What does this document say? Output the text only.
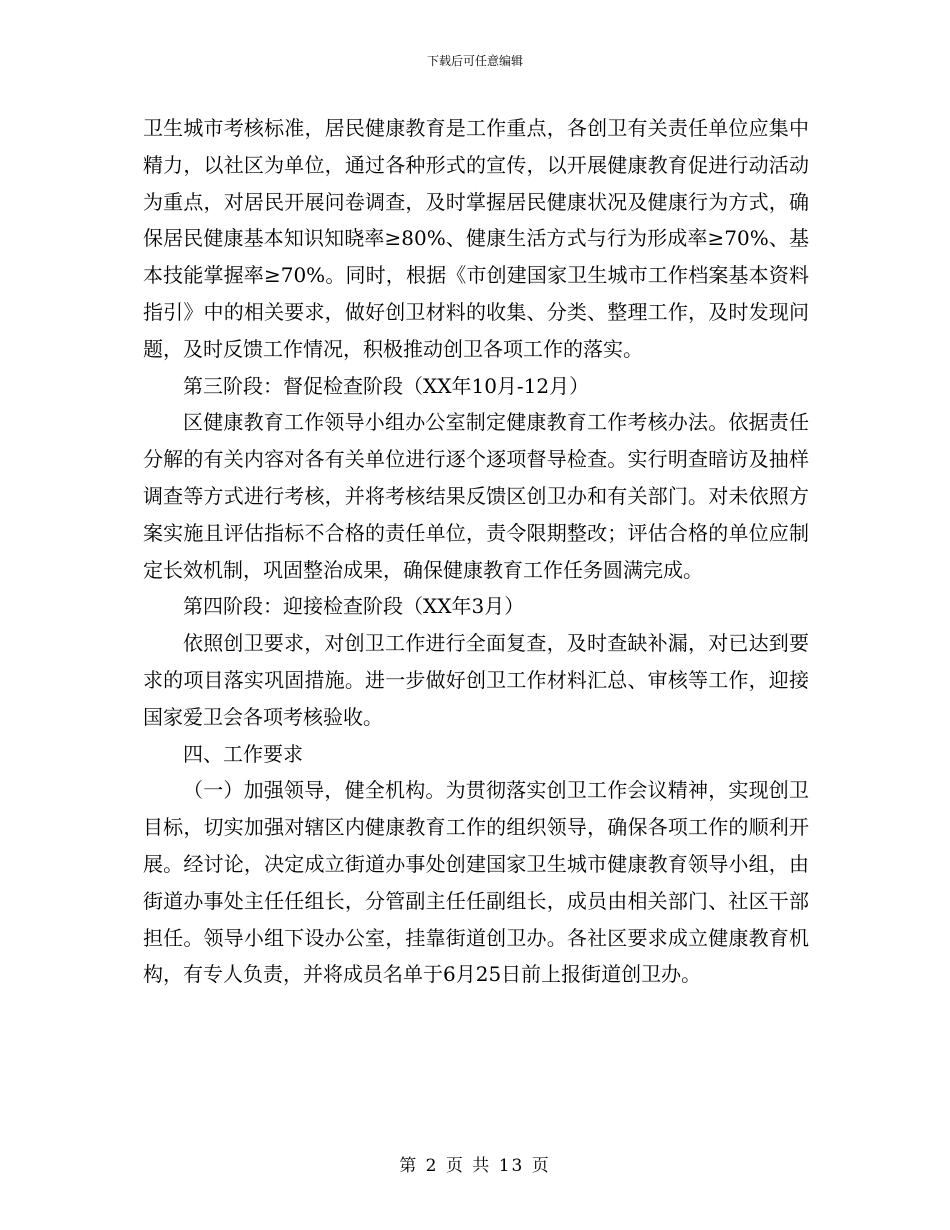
下载后可任意编辑

卫生城市考核标准，居民健康教育是工作重点，各创卫有关责任单位应集中精力，以社区为单位，通过各种形式的宣传，以开展健康教育促进行动活动为重点，对居民开展问卷调查，及时掌握居民健康状况及健康行为方式，确保居民健康基本知识知晓率≥80%、健康生活方式与行为形成率≥70%、基本技能掌握率≥70%。同时，根据《市创建国家卫生城市工作档案基本资料指引》中的相关要求，做好创卫材料的收集、分类、整理工作，及时发现问题，及时反馈工作情况，积极推动创卫各项工作的落实。

第三阶段：督促检查阶段（XX年10月-12月）

区健康教育工作领导小组办公室制定健康教育工作考核办法。依据责任分解的有关内容对各有关单位进行逐个逐项督导检查。实行明查暗访及抽样调查等方式进行考核，并将考核结果反馈区创卫办和有关部门。对未依照方案实施且评估指标不合格的责任单位，责令限期整改；评估合格的单位应制定长效机制，巩固整治成果，确保健康教育工作任务圆满完成。

第四阶段：迎接检查阶段（XX年3月）

依照创卫要求，对创卫工作进行全面复查，及时查缺补漏，对已达到要求的项目落实巩固措施。进一步做好创卫工作材料汇总、审核等工作，迎接国家爱卫会各项考核验收。

四、工作要求

（一）加强领导，健全机构。为贯彻落实创卫工作会议精神，实现创卫目标，切实加强对辖区内健康教育工作的组织领导，确保各项工作的顺利开展。经讨论，决定成立街道办事处创建国家卫生城市健康教育领导小组，由街道办事处主任任组长，分管副主任任副组长，成员由相关部门、社区干部担任。领导小组下设办公室，挂靠街道创卫办。各社区要求成立健康教育机构，有专人负责，并将成员名单于6月25日前上报街道创卫办。

第 2 页 共 13 页
